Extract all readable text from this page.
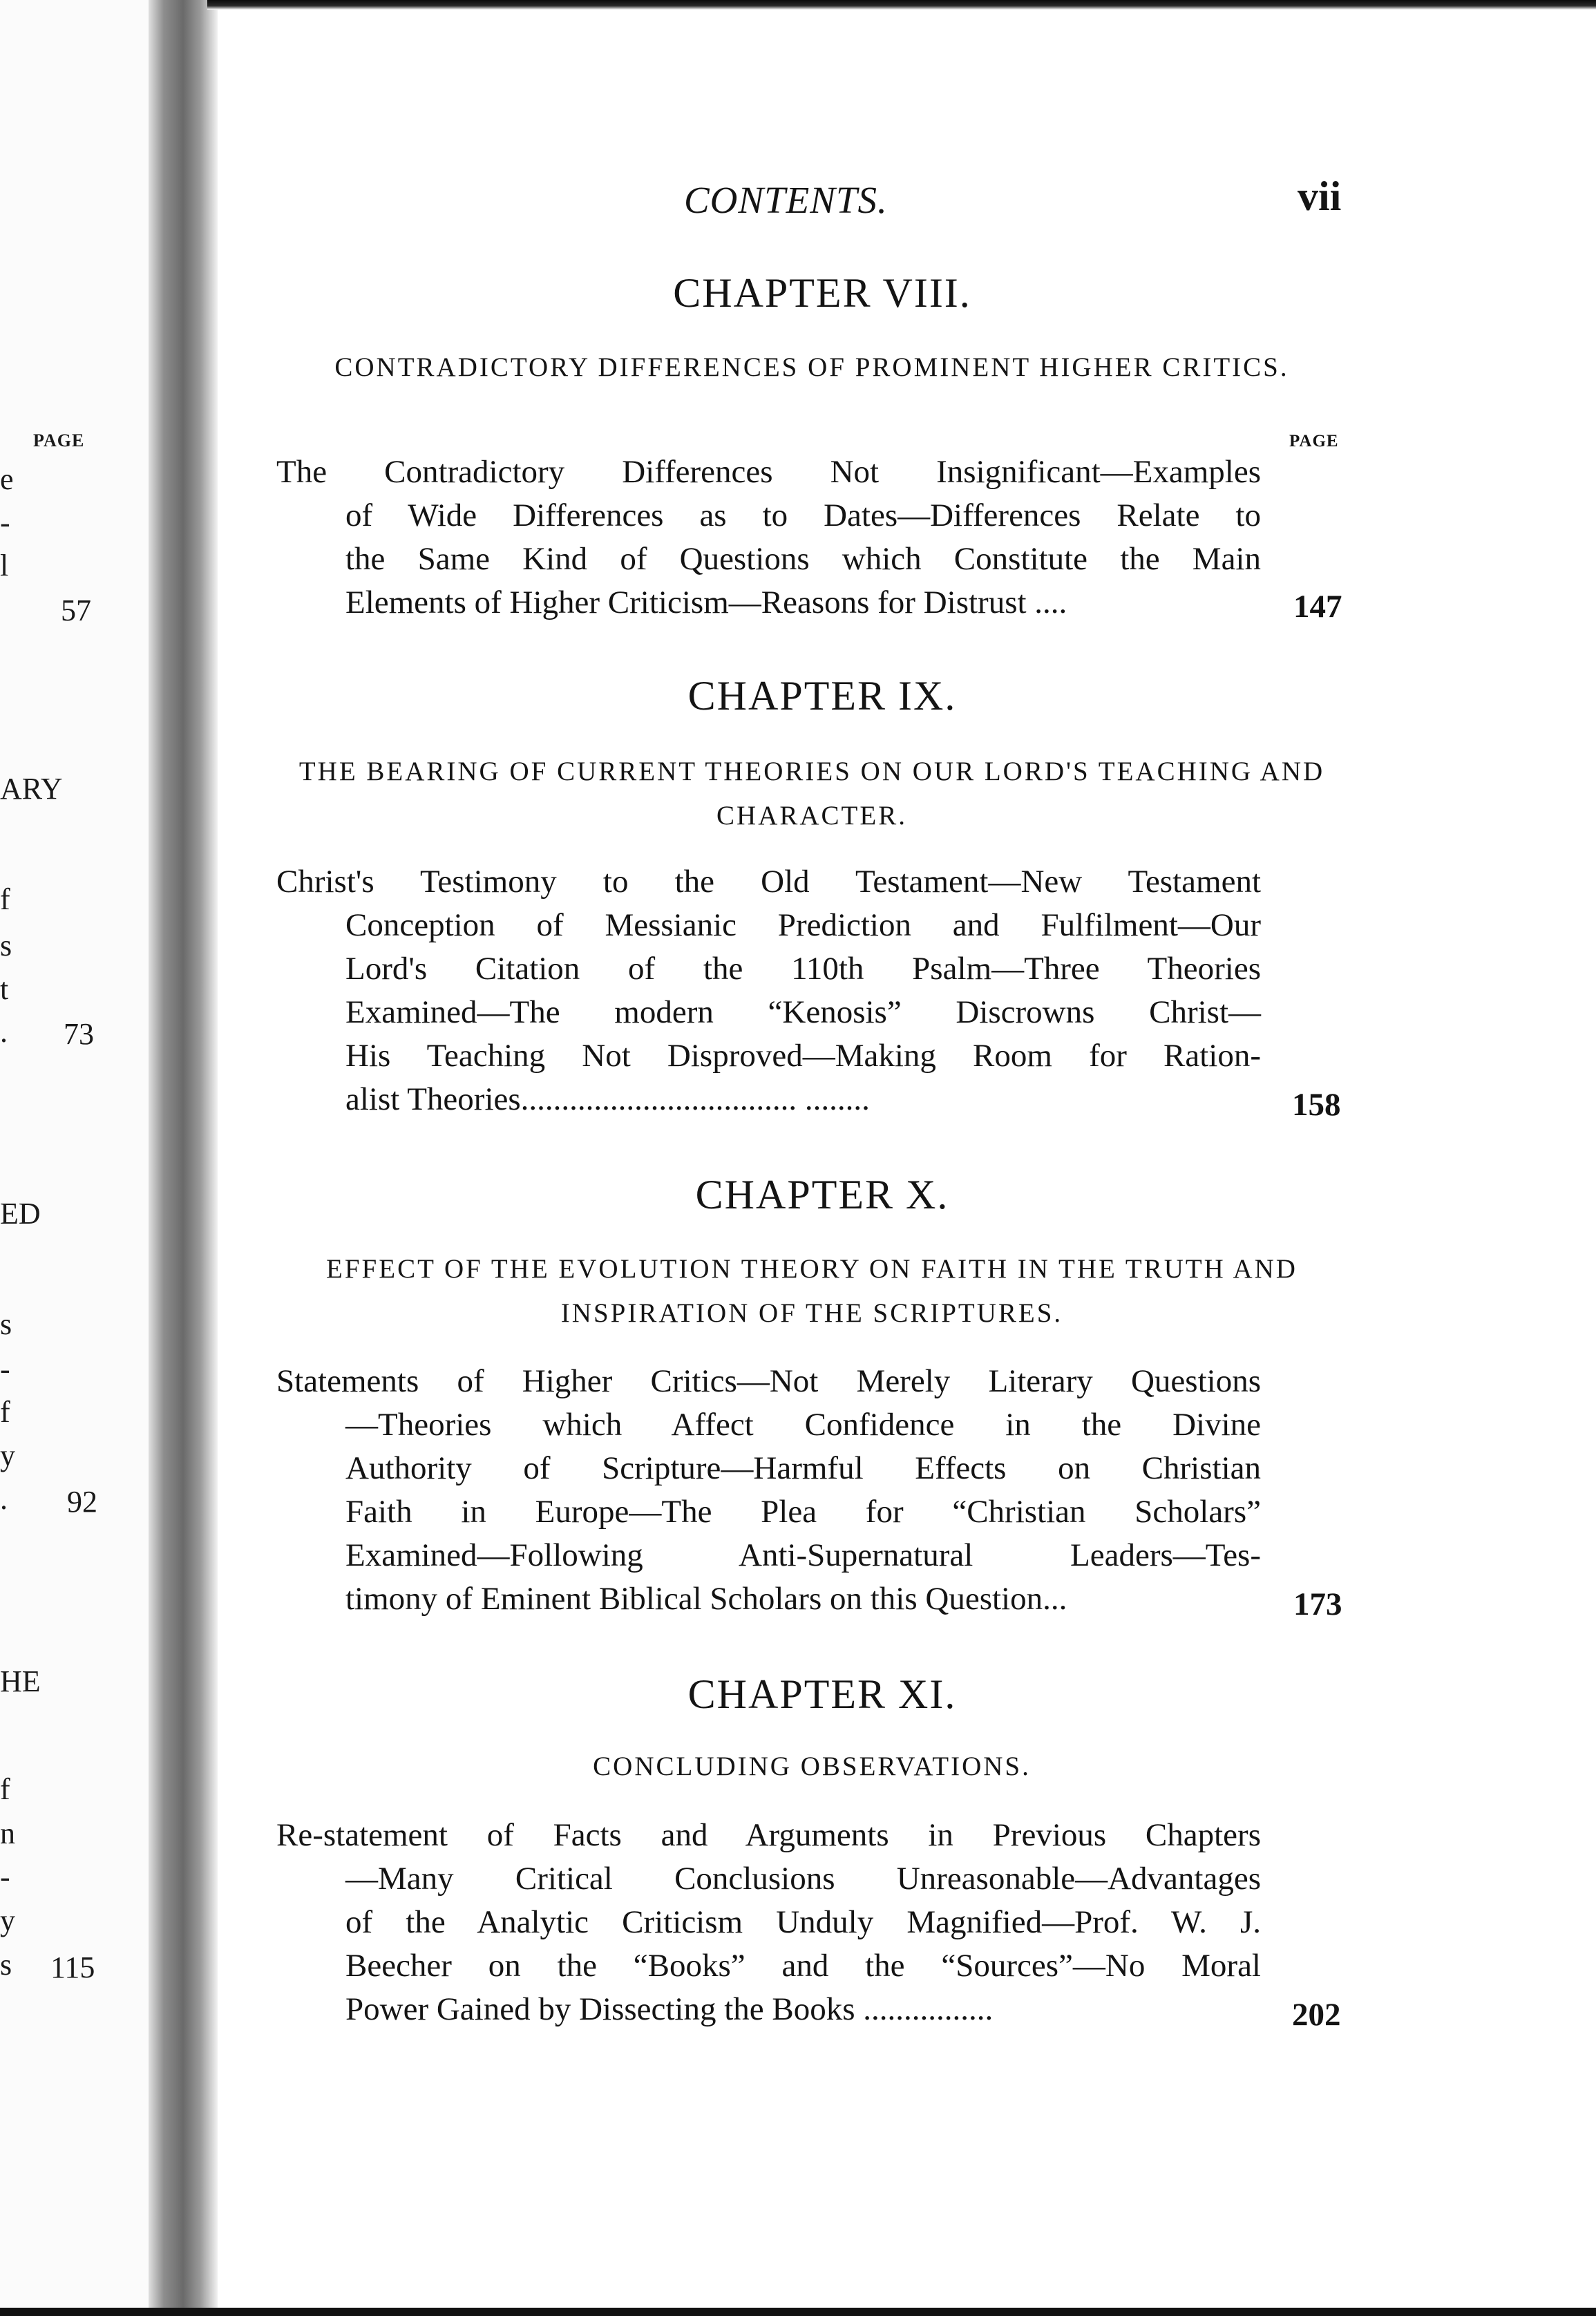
PAGE
e
-
l
57
ARY
f
s
t
. 73
ED
s
-
f
y
. 92
HE
f
n
-
y
s 115
CONTENTS.	vii
CHAPTER VIII.
CONTRADICTORY DIFFERENCES OF PROMINENT HIGHER CRITICS.
PAGE
The Contradictory Differences Not Insignificant—Examples
of Wide Differences as to Dates—Differences Relate to
the Same Kind of Questions which Constitute the Main
Elements of Higher Criticism—Reasons for Distrust ....	147
CHAPTER IX.
THE BEARING OF CURRENT THEORIES ON OUR LORD'S TEACHING AND CHARACTER.
Christ's Testimony to the Old Testament—New Testament
Conception of Messianic Prediction and Fulfilment—Our
Lord's Citation of the 110th Psalm—Three Theories
Examined—The modern “Kenosis” Discrowns Christ—
His Teaching Not Disproved—Making Room for Ration-
alist Theories.................................. ........	158
CHAPTER X.
EFFECT OF THE EVOLUTION THEORY ON FAITH IN THE TRUTH AND INSPIRATION OF THE SCRIPTURES.
Statements of Higher Critics—Not Merely Literary Questions
—Theories which Affect Confidence in the Divine
Authority of Scripture—Harmful Effects on Christian
Faith in Europe—The Plea for “Christian Scholars”
Examined—Following Anti-Supernatural Leaders—Tes-
timony of Eminent Biblical Scholars on this Question...	173
CHAPTER XI.
CONCLUDING OBSERVATIONS.
Re-statement of Facts and Arguments in Previous Chapters
—Many Critical Conclusions Unreasonable—Advantages
of the Analytic Criticism Unduly Magnified—Prof. W. J.
Beecher on the “Books” and the “Sources”—No Moral
Power Gained by Dissecting the Books ................	202
